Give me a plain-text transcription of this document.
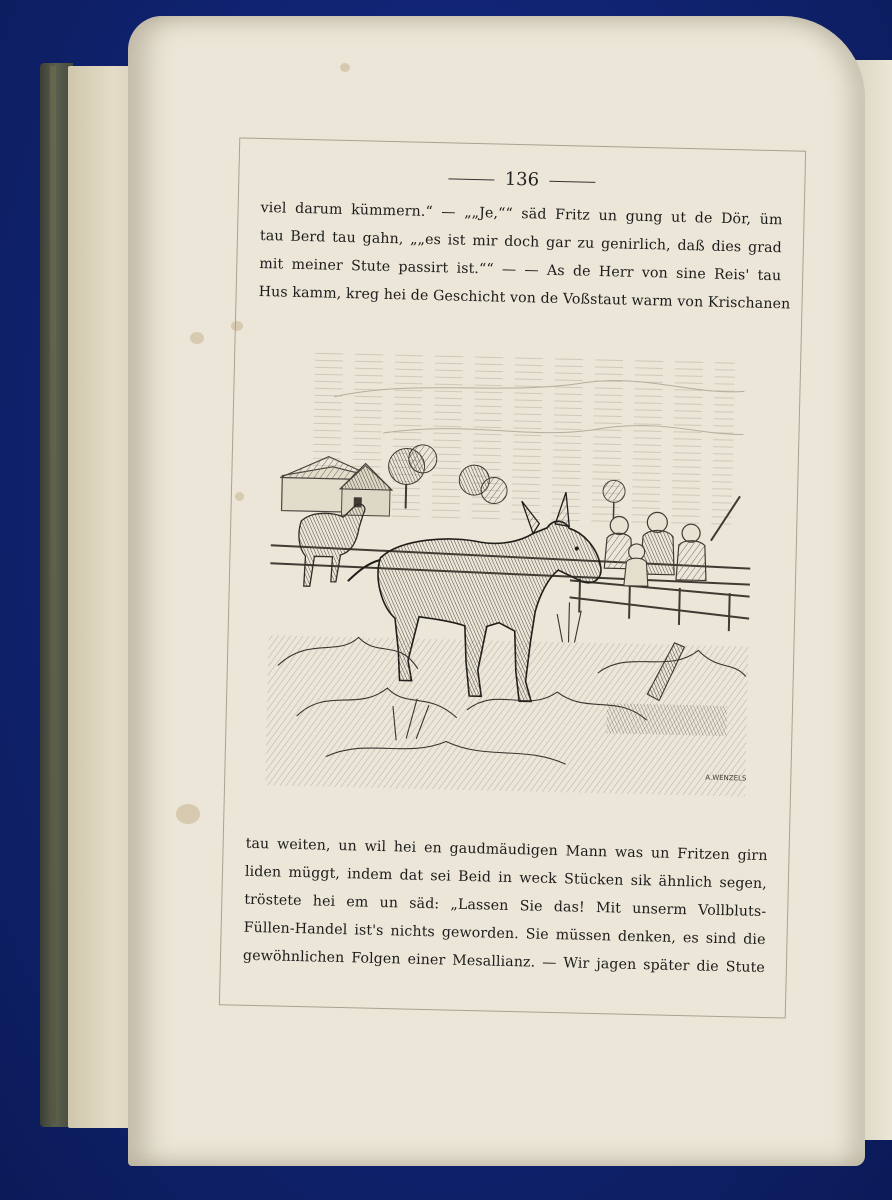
136
viel darum kümmern.“ — „„Je,““ säd Fritz un gung ut de Dör, üm
tau Berd tau gahn, „„es ist mir doch gar zu genirlich, daß dies grad
mit meiner Stute passirt ist.““ — — As de Herr von sine Reis' tau
Hus kamm, kreg hei de Geschicht von de Voßstaut warm von Krischanen
A.WENZELS
tau weiten, un wil hei en gaudmäudigen Mann was un Fritzen girn
liden müggt, indem dat sei Beid in weck Stücken sik ähnlich segen,
tröstete hei em un säd: „Lassen Sie das! Mit unserm Vollbluts-
Füllen-Handel ist's nichts geworden. Sie müssen denken, es sind die
gewöhnlichen Folgen einer Mesallianz. — Wir jagen später die Stute
